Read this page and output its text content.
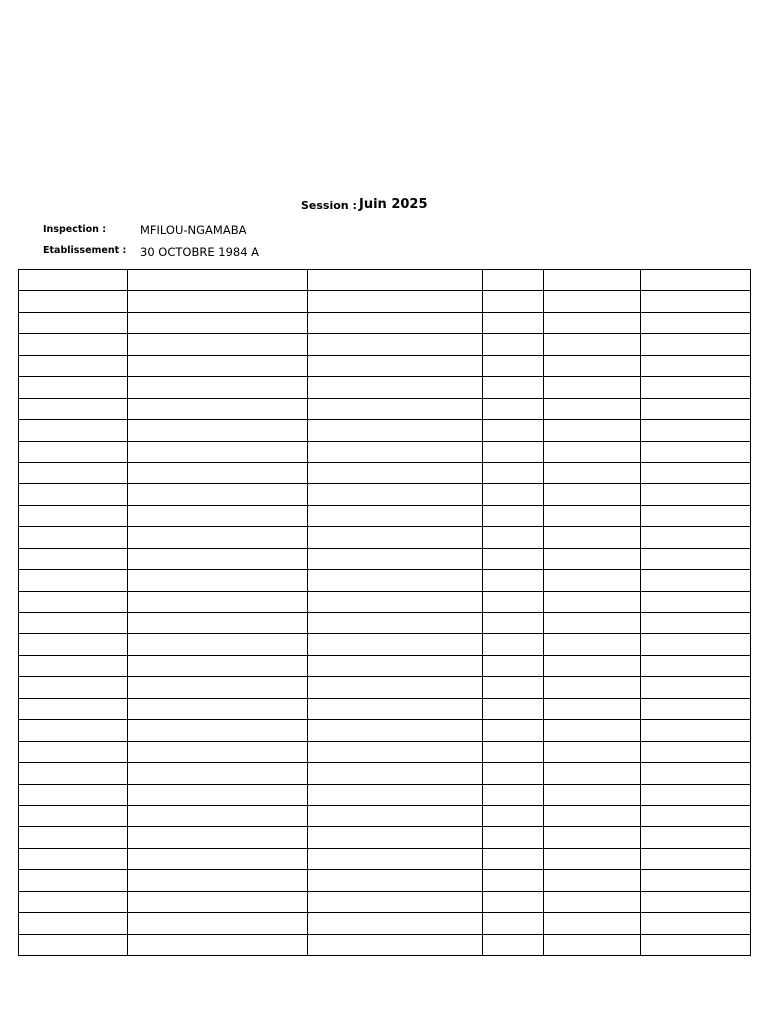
Session : Juin 2025
Inspection :	MFILOU-NGAMABA
Etablissement : 30 OCTOBRE 1984 A
